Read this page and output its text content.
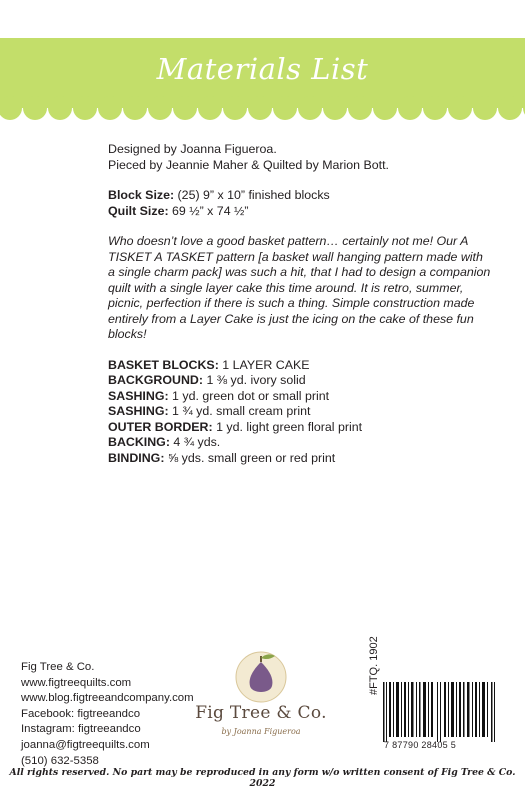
Materials List

Designed by Joanna Figueroa.

Pieced by Jeannie Maher & Quilted by Marion Bott.

Block Size: (25) 9” x 10” finished blocks

Quilt Size: 69 ½” x 74 ½”

Who doesn’t love a good basket pattern… certainly not me! Our A TISKET A TASKET pattern [a basket wall hanging pattern made with a single charm pack] was such a hit, that I had to design a companion quilt with a single layer cake this time around. It is retro, summer, picnic, perfection if there is such a thing. Simple construction made entirely from a Layer Cake is just the icing on the cake of these fun blocks!

BASKET BLOCKS: 1 LAYER CAKE

BACKGROUND: 1 ⅜ yd. ivory solid

SASHING: 1 yd. green dot or small print

SASHING: 1 ¾ yd. small cream print

OUTER BORDER: 1 yd. light green floral print

BACKING: 4 ¾ yds.

BINDING: ⅝ yds. small green or red print

Fig Tree & Co.

www.figtreequilts.com

www.blog.figtreeandcompany.com

Facebook: figtreeandco

Instagram: figtreeandco

joanna@figtreequilts.com

(510) 632-5358

Fig Tree & Co.
by Joanna Figueroa
#FTQ. 1902
7 87790 28405 5
All rights reserved. No part may be reproduced in any form w/o written consent of Fig Tree & Co. 2022
